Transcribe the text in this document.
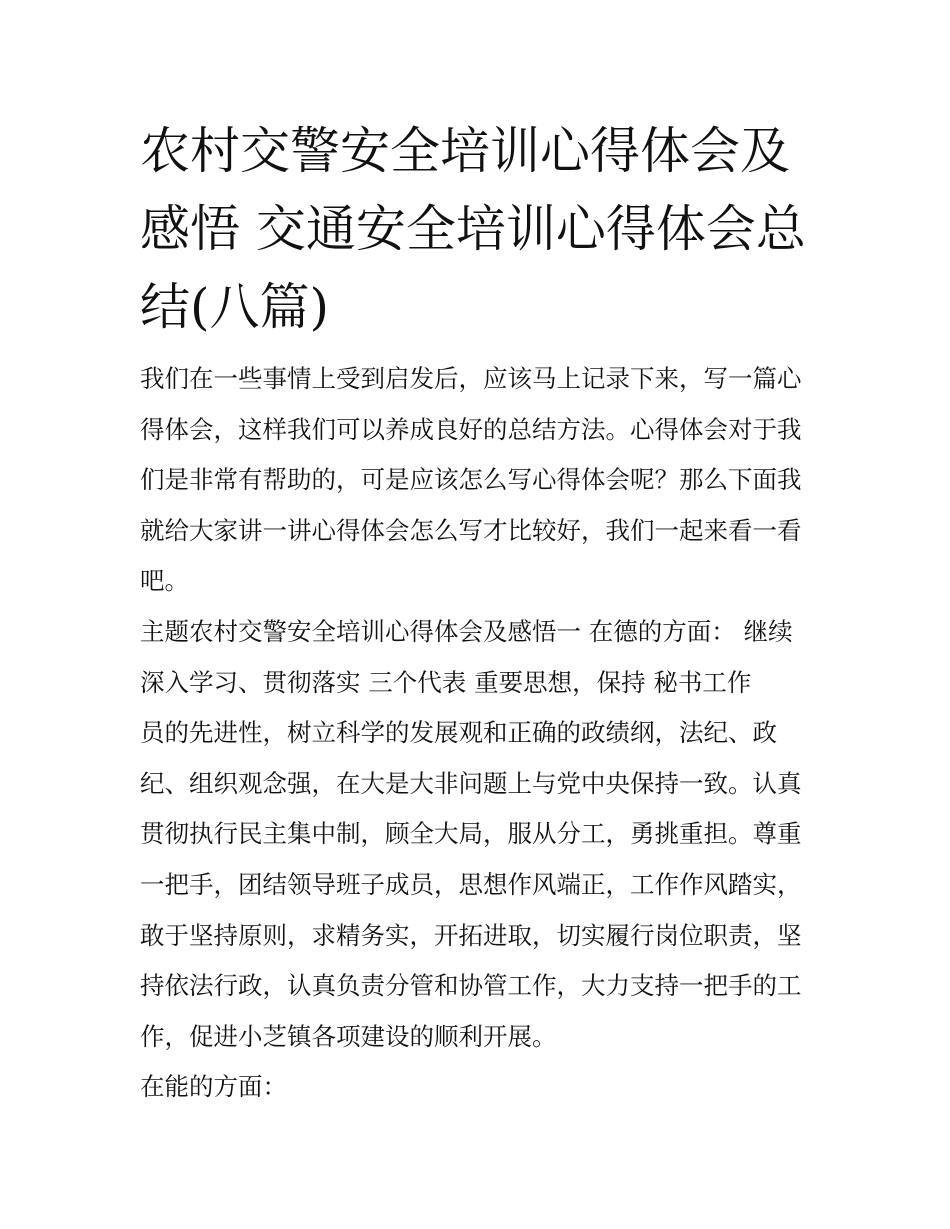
农村交警安全培训心得体会及
感悟 交通安全培训心得体会总
结(八篇)
我们在一些事情上受到启发后，应该马上记录下来，写一篇心
得体会，这样我们可以养成良好的总结方法。心得体会对于我
们是非常有帮助的，可是应该怎么写心得体会呢？那么下面我
就给大家讲一讲心得体会怎么写才比较好，我们一起来看一看
吧。
主题农村交警安全培训心得体会及感悟一 在德的方面： 继续
深入学习、贯彻落实 三个代表 重要思想，保持 秘书工作
员的先进性，树立科学的发展观和正确的政绩纲，法纪、政
纪、组织观念强，在大是大非问题上与党中央保持一致。认真
贯彻执行民主集中制，顾全大局，服从分工，勇挑重担。尊重
一把手，团结领导班子成员，思想作风端正，工作作风踏实，
敢于坚持原则，求精务实，开拓进取，切实履行岗位职责，坚
持依法行政，认真负责分管和协管工作，大力支持一把手的工
作，促进小芝镇各项建设的顺利开展。
在能的方面：
